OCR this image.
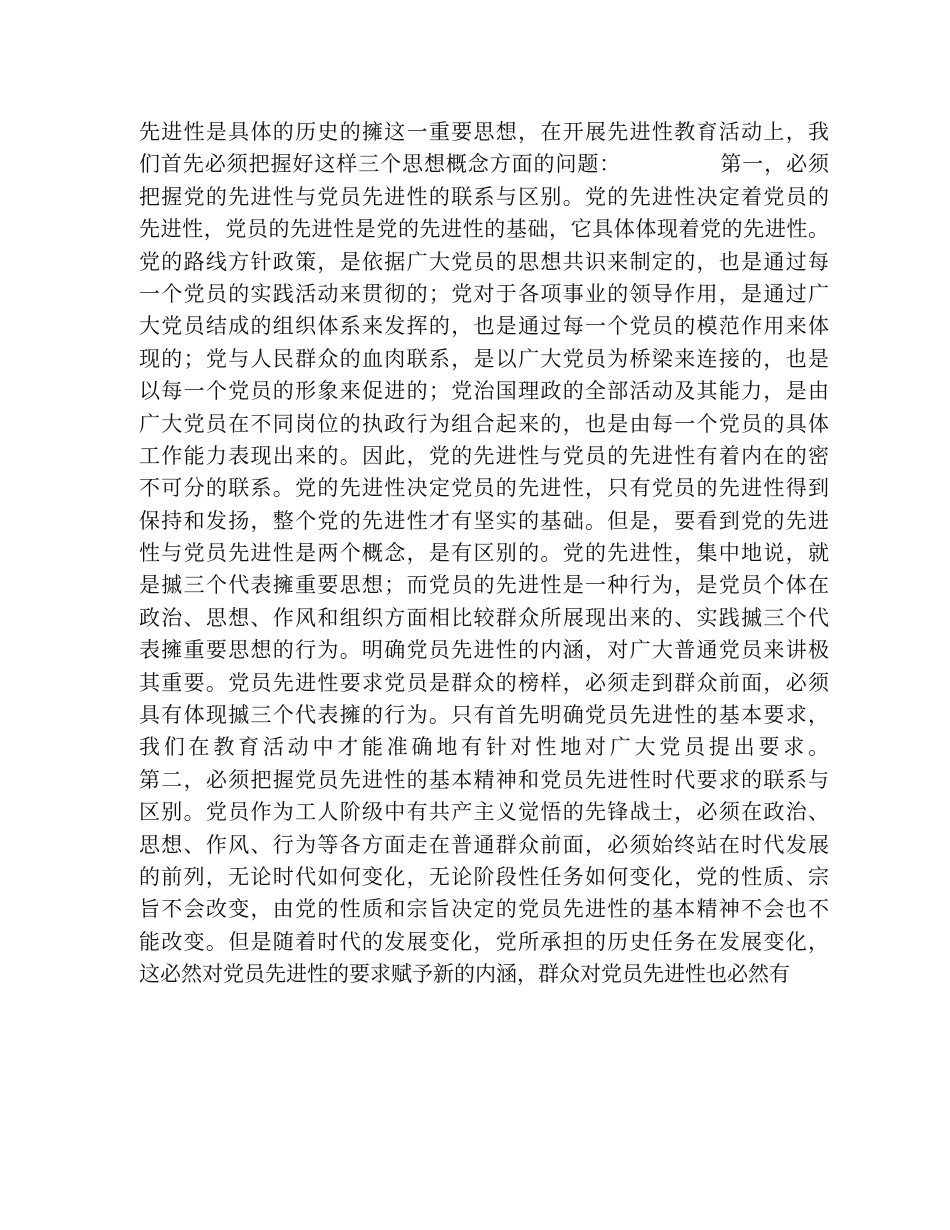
先进性是具体的历史的擁这一重要思想，在开展先进性教育活动上，我
们首先必须把握好这样三个思想概念方面的问题：　　　　　第一，必须
把握党的先进性与党员先进性的联系与区别。党的先进性决定着党员的
先进性，党员的先进性是党的先进性的基础，它具体体现着党的先进性。
党的路线方针政策，是依据广大党员的思想共识来制定的，也是通过每
一个党员的实践活动来贯彻的；党对于各项事业的领导作用，是通过广
大党员结成的组织体系来发挥的，也是通过每一个党员的模范作用来体
现的；党与人民群众的血肉联系，是以广大党员为桥梁来连接的，也是
以每一个党员的形象来促进的；党治国理政的全部活动及其能力，是由
广大党员在不同岗位的执政行为组合起来的，也是由每一个党员的具体
工作能力表现出来的。因此，党的先进性与党员的先进性有着内在的密
不可分的联系。党的先进性决定党员的先进性，只有党员的先进性得到
保持和发扬，整个党的先进性才有坚实的基础。但是，要看到党的先进
性与党员先进性是两个概念，是有区别的。党的先进性，集中地说，就
是摵三个代表擁重要思想；而党员的先进性是一种行为，是党员个体在
政治、思想、作风和组织方面相比较群众所展现出来的、实践摵三个代
表擁重要思想的行为。明确党员先进性的内涵，对广大普通党员来讲极
其重要。党员先进性要求党员是群众的榜样，必须走到群众前面，必须
具有体现摵三个代表擁的行为。只有首先明确党员先进性的基本要求，
我们在教育活动中才能准确地有针对性地对广大党员提出要求。
第二，必须把握党员先进性的基本精神和党员先进性时代要求的联系与
区别。党员作为工人阶级中有共产主义觉悟的先锋战士，必须在政治、
思想、作风、行为等各方面走在普通群众前面，必须始终站在时代发展
的前列，无论时代如何变化，无论阶段性任务如何变化，党的性质、宗
旨不会改变，由党的性质和宗旨决定的党员先进性的基本精神不会也不
能改变。但是随着时代的发展变化，党所承担的历史任务在发展变化，
这必然对党员先进性的要求赋予新的内涵，群众对党员先进性也必然有
